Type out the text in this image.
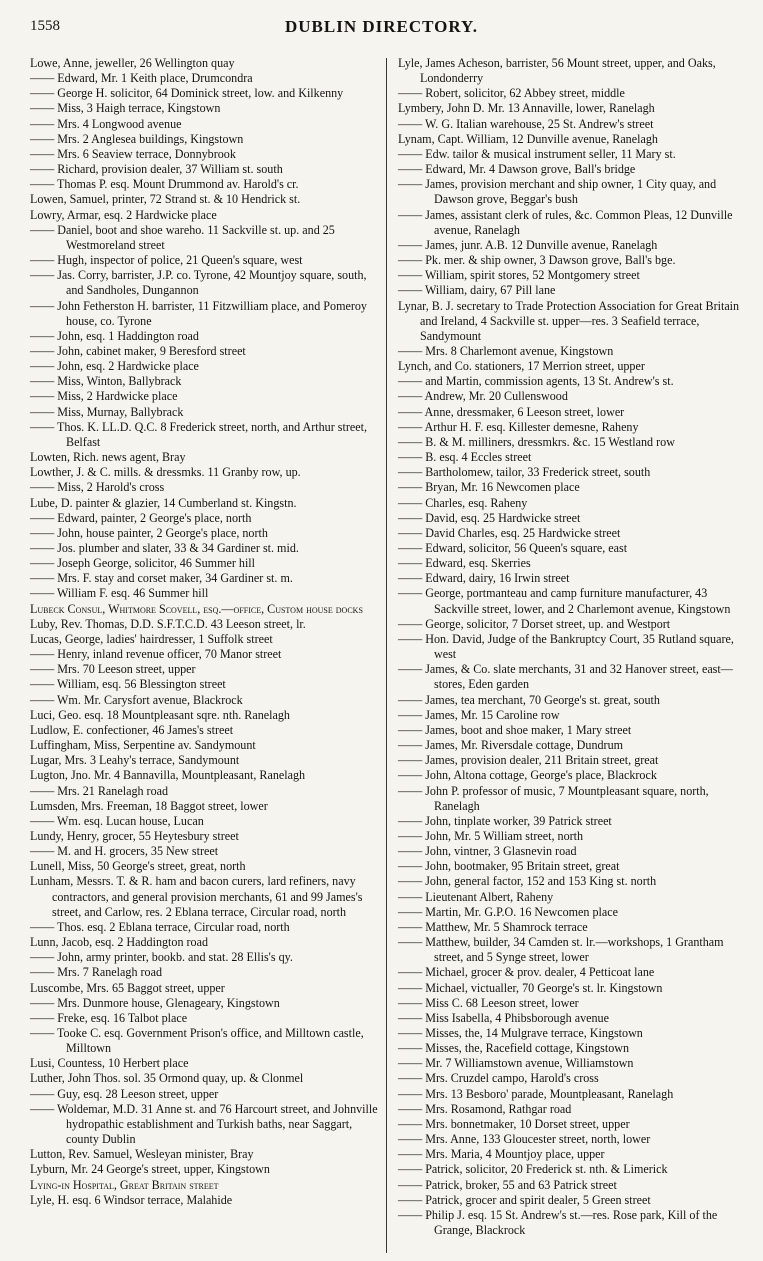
1558	DUBLIN DIRECTORY.
Lowe, Anne, jeweller, 26 Wellington quay
—— Edward, Mr. 1 Keith place, Drumcondra
—— George H. solicitor, 64 Dominick street, low. and Kilkenny
—— Miss, 3 Haigh terrace, Kingstown
—— Mrs. 4 Longwood avenue
—— Mrs. 2 Anglesea buildings, Kingstown
—— Mrs. 6 Seaview terrace, Donnybrook
—— Richard, provision dealer, 37 William st. south
—— Thomas P. esq. Mount Drummond av. Harold's cr.
Lowen, Samuel, printer, 72 Strand st. & 10 Hendrick st.
Lowry, Armar, esq. 2 Hardwicke place
—— Daniel, boot and shoe wareho. 11 Sackville st. up. and 25 Westmoreland street
—— Hugh, inspector of police, 21 Queen's square, west
—— Jas. Corry, barrister, J.P. co. Tyrone, 42 Mountjoy square, south, and Sandholes, Dungannon
—— John Fetherston H. barrister, 11 Fitzwilliam place, and Pomeroy house, co. Tyrone
—— John, esq. 1 Haddington road
—— John, cabinet maker, 9 Beresford street
—— John, esq. 2 Hardwicke place
—— Miss, Winton, Ballybrack
—— Miss, 2 Hardwicke place
—— Miss, Murnay, Ballybrack
—— Thos. K. LL.D. Q.C. 8 Frederick street, north, and Arthur street, Belfast
Lowten, Rich. news agent, Bray
Lowther, J. & C. mills. & dressmks. 11 Granby row, up.
—— Miss, 2 Harold's cross
Lube, D. painter & glazier, 14 Cumberland st. Kingstn.
—— Edward, painter, 2 George's place, north
—— John, house painter, 2 George's place, north
—— Jos. plumber and slater, 33 & 34 Gardiner st. mid.
—— Joseph George, solicitor, 46 Summer hill
—— Mrs. F. stay and corset maker, 34 Gardiner st. m.
—— William F. esq. 46 Summer hill
Lubeck Consul, Whitmore Scovell, esq.—office, Custom house docks
Luby, Rev. Thomas, D.D. S.F.T.C.D. 43 Leeson street, lr.
Lucas, George, ladies' hairdresser, 1 Suffolk street
—— Henry, inland revenue officer, 70 Manor street
—— Mrs. 70 Leeson street, upper
—— William, esq. 56 Blessington street
—— Wm. Mr. Carysfort avenue, Blackrock
Luci, Geo. esq. 18 Mountpleasant sqre. nth. Ranelagh
Ludlow, E. confectioner, 46 James's street
Luffingham, Miss, Serpentine av. Sandymount
Lugar, Mrs. 3 Leahy's terrace, Sandymount
Lugton, Jno. Mr. 4 Bannavilla, Mountpleasant, Ranelagh
—— Mrs. 21 Ranelagh road
Lumsden, Mrs. Freeman, 18 Baggot street, lower
—— Wm. esq. Lucan house, Lucan
Lundy, Henry, grocer, 55 Heytesbury street
—— M. and H. grocers, 35 New street
Lunell, Miss, 50 George's street, great, north
Lunham, Messrs. T. & R. ham and bacon curers, lard refiners, navy contractors, and general provision merchants, 61 and 99 James's street, and Carlow, res. 2 Eblana terrace, Circular road, north
—— Thos. esq. 2 Eblana terrace, Circular road, north
Lunn, Jacob, esq. 2 Haddington road
—— John, army printer, bookb. and stat. 28 Ellis's qy.
—— Mrs. 7 Ranelagh road
Luscombe, Mrs. 65 Baggot street, upper
—— Mrs. Dunmore house, Glenageary, Kingstown
—— Freke, esq. 16 Talbot place
—— Tooke C. esq. Government Prison's office, and Milltown castle, Milltown
Lusi, Countess, 10 Herbert place
Luther, John Thos. sol. 35 Ormond quay, up. & Clonmel
—— Guy, esq. 28 Leeson street, upper
—— Woldemar, M.D. 31 Anne st. and 76 Harcourt street, and Johnville hydropathic establishment and Turkish baths, near Saggart, county Dublin
Lutton, Rev. Samuel, Wesleyan minister, Bray
Lyburn, Mr. 24 George's street, upper, Kingstown
Lying-in Hospital, Great Britain street
Lyle, H. esq. 6 Windsor terrace, Malahide
Lyle, James Acheson, barrister, 56 Mount street, upper, and Oaks, Londonderry
—— Robert, solicitor, 62 Abbey street, middle
Lymbery, John D. Mr. 13 Annaville, lower, Ranelagh
—— W. G. Italian warehouse, 25 St. Andrew's street
Lynam, Capt. William, 12 Dunville avenue, Ranelagh
—— Edw. tailor & musical instrument seller, 11 Mary st.
—— Edward, Mr. 4 Dawson grove, Ball's bridge
—— James, provision merchant and ship owner, 1 City quay, and Dawson grove, Beggar's bush
—— James, assistant clerk of rules, &c. Common Pleas, 12 Dunville avenue, Ranelagh
—— James, junr. A.B. 12 Dunville avenue, Ranelagh
—— Pk. mer. & ship owner, 3 Dawson grove, Ball's bge.
—— William, spirit stores, 52 Montgomery street
—— William, dairy, 67 Pill lane
Lynar, B. J. secretary to Trade Protection Association for Great Britain and Ireland, 4 Sackville st. upper—res. 3 Seafield terrace, Sandymount
—— Mrs. 8 Charlemont avenue, Kingstown
Lynch, and Co. stationers, 17 Merrion street, upper
—— and Martin, commission agents, 13 St. Andrew's st.
—— Andrew, Mr. 20 Cullenswood
—— Anne, dressmaker, 6 Leeson street, lower
—— Arthur H. F. esq. Killester demesne, Raheny
—— B. & M. milliners, dressmkrs. &c. 15 Westland row
—— B. esq. 4 Eccles street
—— Bartholomew, tailor, 33 Frederick street, south
—— Bryan, Mr. 16 Newcomen place
—— Charles, esq. Raheny
—— David, esq. 25 Hardwicke street
—— David Charles, esq. 25 Hardwicke street
—— Edward, solicitor, 56 Queen's square, east
—— Edward, esq. Skerries
—— Edward, dairy, 16 Irwin street
—— George, portmanteau and camp furniture manufacturer, 43 Sackville street, lower, and 2 Charlemont avenue, Kingstown
—— George, solicitor, 7 Dorset street, up. and Westport
—— Hon. David, Judge of the Bankruptcy Court, 35 Rutland square, west
—— James, & Co. slate merchants, 31 and 32 Hanover street, east—stores, Eden garden
—— James, tea merchant, 70 George's st. great, south
—— James, Mr. 15 Caroline row
—— James, boot and shoe maker, 1 Mary street
—— James, Mr. Riversdale cottage, Dundrum
—— James, provision dealer, 211 Britain street, great
—— John, Altona cottage, George's place, Blackrock
—— John P. professor of music, 7 Mountpleasant square, north, Ranelagh
—— John, tinplate worker, 39 Patrick street
—— John, Mr. 5 William street, north
—— John, vintner, 3 Glasnevin road
—— John, bootmaker, 95 Britain street, great
—— John, general factor, 152 and 153 King st. north
—— Lieutenant Albert, Raheny
—— Martin, Mr. G.P.O. 16 Newcomen place
—— Matthew, Mr. 5 Shamrock terrace
—— Matthew, builder, 34 Camden st. lr.—workshops, 1 Grantham street, and 5 Synge street, lower
—— Michael, grocer & prov. dealer, 4 Petticoat lane
—— Michael, victualler, 70 George's st. lr. Kingstown
—— Miss C. 68 Leeson street, lower
—— Miss Isabella, 4 Phibsborough avenue
—— Misses, the, 14 Mulgrave terrace, Kingstown
—— Misses, the, Racefield cottage, Kingstown
—— Mr. 7 Williamstown avenue, Williamstown
—— Mrs. Cruzdel campo, Harold's cross
—— Mrs. 13 Besboro' parade, Mountpleasant, Ranelagh
—— Mrs. Rosamond, Rathgar road
—— Mrs. bonnetmaker, 10 Dorset street, upper
—— Mrs. Anne, 133 Gloucester street, north, lower
—— Mrs. Maria, 4 Mountjoy place, upper
—— Patrick, solicitor, 20 Frederick st. nth. & Limerick
—— Patrick, broker, 55 and 63 Patrick street
—— Patrick, grocer and spirit dealer, 5 Green street
—— Philip J. esq. 15 St. Andrew's st.—res. Rose park, Kill of the Grange, Blackrock
